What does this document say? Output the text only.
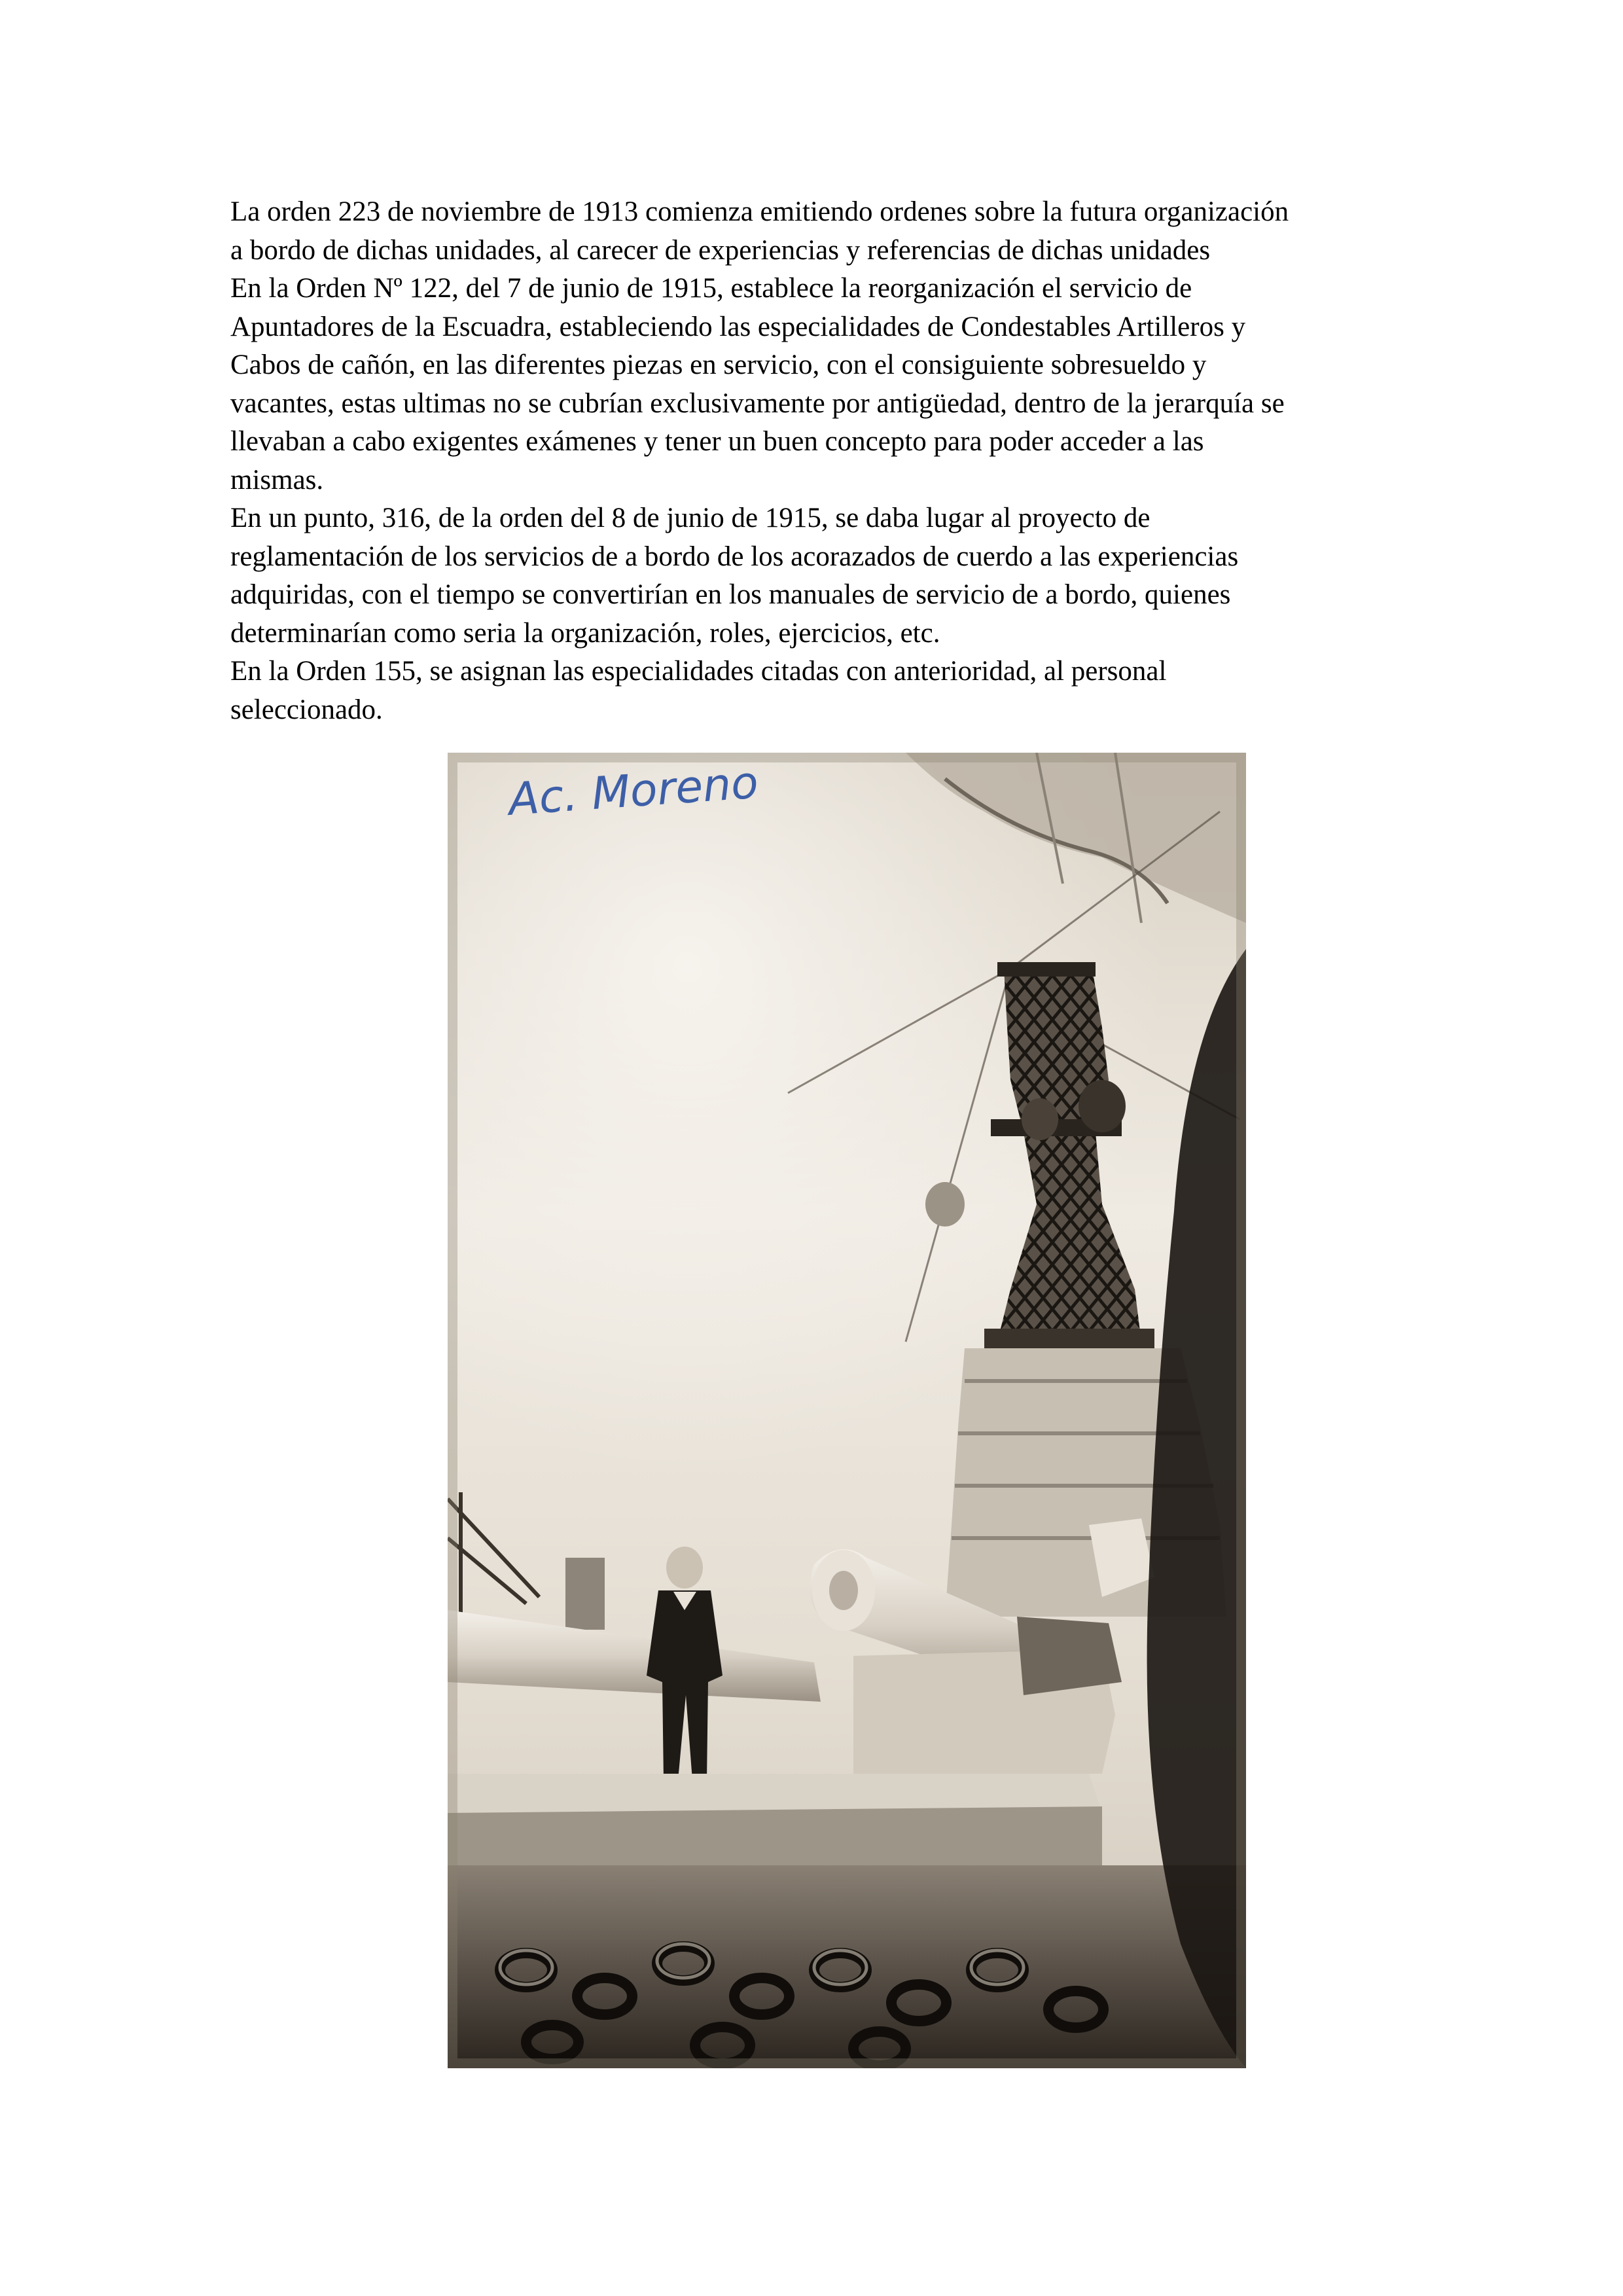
La orden 223 de noviembre de 1913 comienza emitiendo ordenes sobre la futura organización
a bordo de dichas unidades, al carecer de experiencias y referencias de dichas unidades
En la Orden Nº 122, del 7 de junio de 1915, establece la reorganización el servicio de
Apuntadores de la Escuadra, estableciendo las especialidades de Condestables Artilleros y
Cabos de cañón, en las diferentes piezas en servicio, con el consiguiente sobresueldo y
vacantes, estas ultimas no se cubrían exclusivamente por antigüedad, dentro de la jerarquía se
llevaban a cabo exigentes exámenes y tener un buen concepto para poder acceder a las
mismas.
En un punto, 316, de la orden del 8 de junio de 1915, se daba lugar al proyecto de
reglamentación de los servicios de a bordo de los acorazados de cuerdo a las experiencias
adquiridas, con el tiempo se convertirían en los manuales de servicio de a bordo, quienes
determinarían como seria la organización, roles, ejercicios, etc.
En la Orden 155, se asignan las especialidades citadas con anterioridad, al personal
seleccionado.
Ac. Moreno
